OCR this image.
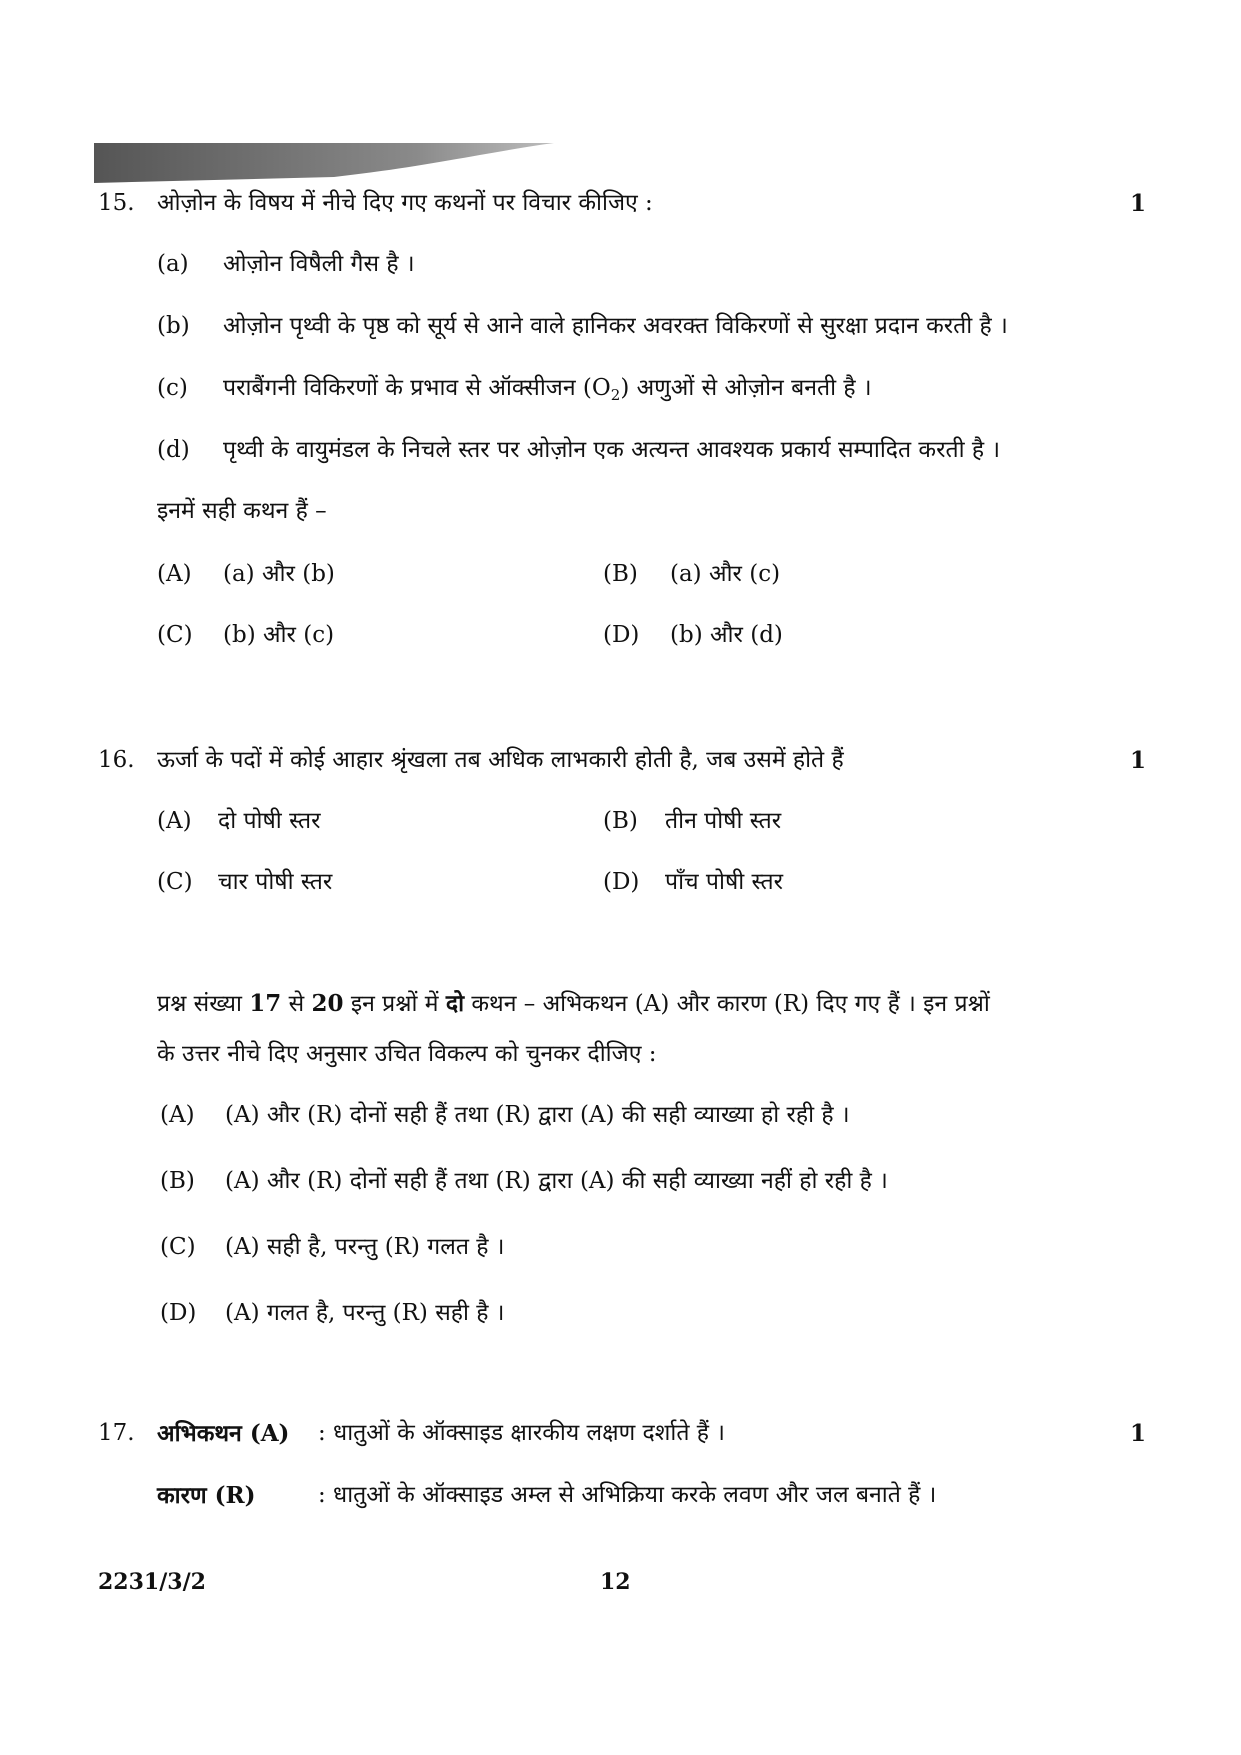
15. ओज़ोन के विषय में नीचे दिए गए कथनों पर विचार कीजिए :	1
(a) ओज़ोन विषैली गैस है ।
(b) ओज़ोन पृथ्वी के पृष्ठ को सूर्य से आने वाले हानिकर अवरक्त विकिरणों से सुरक्षा प्रदान करती है ।
(c) पराबैंगनी विकिरणों के प्रभाव से ऑक्सीजन $(O_2)$ अणुओं से ओज़ोन बनती है ।
(d) पृथ्वी के वायुमंडल के निचले स्तर पर ओज़ोन एक अत्यन्त आवश्यक प्रकार्य सम्पादित करती है ।
इनमें सही कथन हैं –
(A) (a) और (b)	(B) (a) और (c)
(C) (b) और (c)	(D) (b) और (d)
16. ऊर्जा के पदों में कोई आहार श्रृंखला तब अधिक लाभकारी होती है, जब उसमें होते हैं	1
(A) दो पोषी स्तर	(B) तीन पोषी स्तर
(C) चार पोषी स्तर	(D) पाँच पोषी स्तर
प्रश्न संख्या 17 से 20 इन प्रश्नों में दो कथन – अभिकथन (A) और कारण (R) दिए गए हैं । इन प्रश्नों
के उत्तर नीचे दिए अनुसार उचित विकल्प को चुनकर दीजिए :
(A) (A) और (R) दोनों सही हैं तथा (R) द्वारा (A) की सही व्याख्या हो रही है ।
(B) (A) और (R) दोनों सही हैं तथा (R) द्वारा (A) की सही व्याख्या नहीं हो रही है ।
(C) (A) सही है, परन्तु (R) गलत है ।
(D) (A) गलत है, परन्तु (R) सही है ।
17. अभिकथन (A) : धातुओं के ऑक्साइड क्षारकीय लक्षण दर्शाते हैं ।	1
कारण (R)	: धातुओं के ऑक्साइड अम्ल से अभिक्रिया करके लवण और जल बनाते हैं ।
2231/3/2	12
